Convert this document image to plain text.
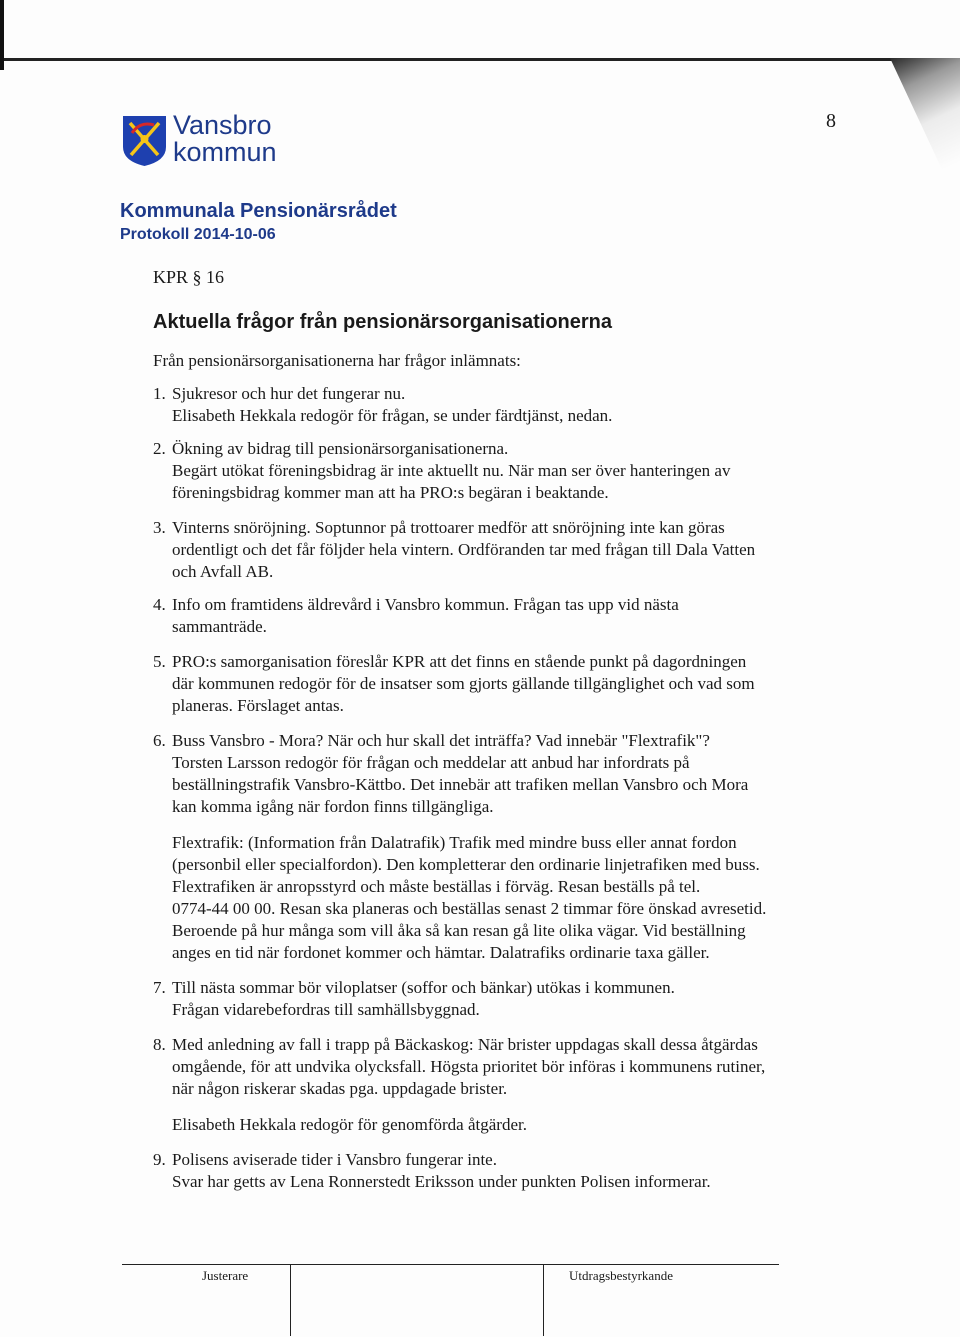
Vansbro
kommun
8
Kommunala Pensionärsrådet
Protokoll 2014-10-06
KPR § 16
Aktuella frågor från pensionärsorganisationerna
Från pensionärsorganisationerna har frågor inlämnats:
1. Sjukresor och hur det fungerar nu.
Elisabeth Hekkala redogör för frågan, se under färdtjänst, nedan.
2. Ökning av bidrag till pensionärsorganisationerna.
Begärt utökat föreningsbidrag är inte aktuellt nu. När man ser över hanteringen av
föreningsbidrag kommer man att ha PRO:s begäran i beaktande.
3. Vinterns snöröjning. Soptunnor på trottoarer medför att snöröjning inte kan göras
ordentligt och det får följder hela vintern. Ordföranden tar med frågan till Dala Vatten
och Avfall AB.
4. Info om framtidens äldrevård i Vansbro kommun. Frågan tas upp vid nästa
sammanträde.
5. PRO:s samorganisation föreslår KPR att det finns en stående punkt på dagordningen
där kommunen redogör för de insatser som gjorts gällande tillgänglighet och vad som
planeras. Förslaget antas.
6. Buss Vansbro - Mora? När och hur skall det inträffa? Vad innebär "Flextrafik"?
Torsten Larsson redogör för frågan och meddelar att anbud har infordrats på
beställningstrafik Vansbro-Kättbo. Det innebär att trafiken mellan Vansbro och Mora
kan komma igång när fordon finns tillgängliga.
Flextrafik: (Information från Dalatrafik) Trafik med mindre buss eller annat fordon
(personbil eller specialfordon). Den kompletterar den ordinarie linjetrafiken med buss.
Flextrafiken är anropsstyrd och måste beställas i förväg. Resan beställs på tel.
0774-44 00 00. Resan ska planeras och beställas senast 2 timmar före önskad avresetid.
Beroende på hur många som vill åka så kan resan gå lite olika vägar. Vid beställning
anges en tid när fordonet kommer och hämtar. Dalatrafiks ordinarie taxa gäller.
7. Till nästa sommar bör viloplatser (soffor och bänkar) utökas i kommunen.
Frågan vidarebefordras till samhällsbyggnad.
8. Med anledning av fall i trapp på Bäckaskog: När brister uppdagas skall dessa åtgärdas
omgående, för att undvika olycksfall. Högsta prioritet bör införas i kommunens rutiner,
när någon riskerar skadas pga. uppdagade brister.
Elisabeth Hekkala redogör för genomförda åtgärder.
9. Polisens aviserade tider i Vansbro fungerar inte.
Svar har getts av Lena Ronnerstedt Eriksson under punkten Polisen informerar.
Justerare	Utdragsbestyrkande
